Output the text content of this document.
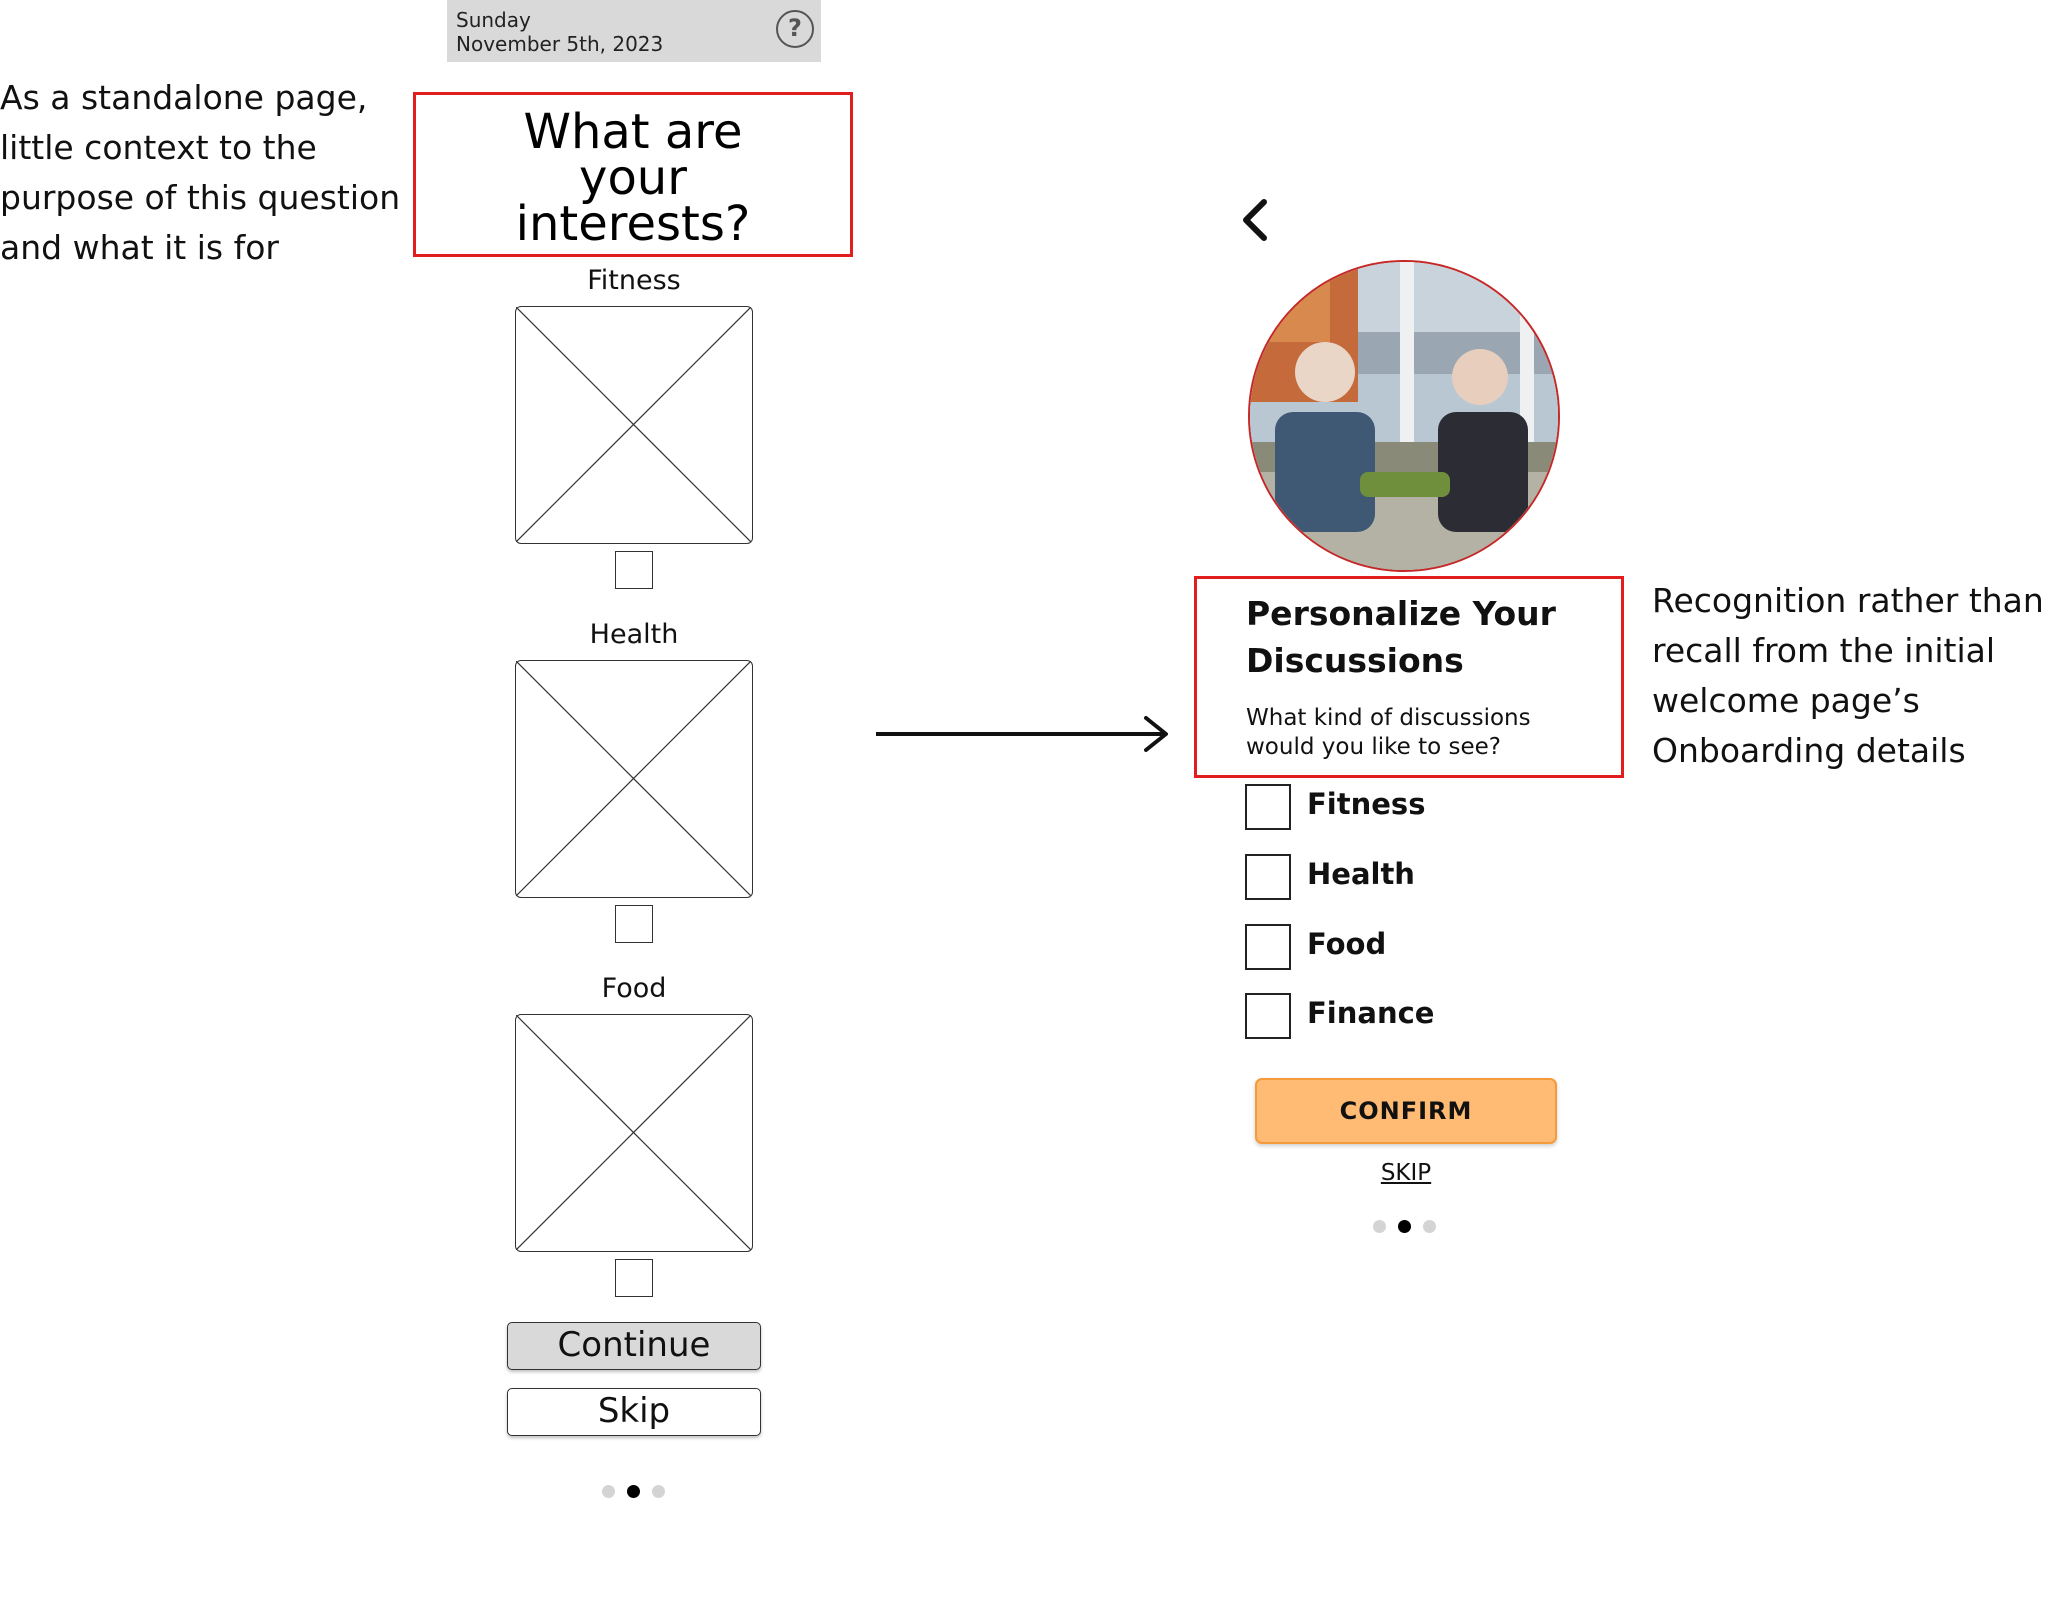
As a standalone page,
little context to the
purpose of this question
and what it is for
Sunday
November 5th, 2023
?
What are
your
interests?
Fitness
Health
Food
Continue
Skip
Personalize Your
Discussions
What kind of discussions
would you like to see?
Fitness
Health
Food
Finance
CONFIRM
SKIP
Recognition rather than
recall from the initial
welcome page’s
Onboarding details
